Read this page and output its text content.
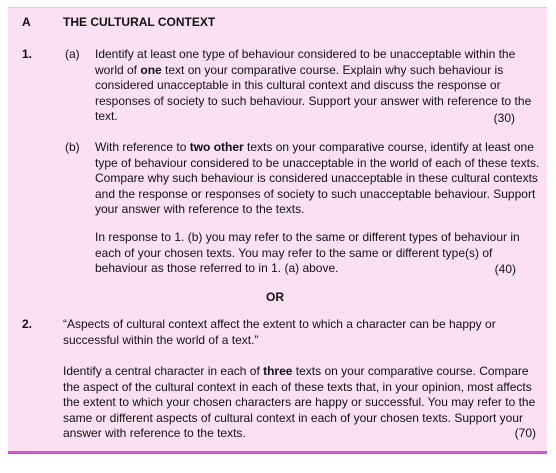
A	THE CULTURAL CONTEXT
1.	(a) Identify at least one type of behaviour considered to be unacceptable within the world of one text on your comparative course. Explain why such behaviour is considered unacceptable in this cultural context and discuss the response or responses of society to such behaviour. Support your answer with reference to the text.	(30)
(b) With reference to two other texts on your comparative course, identify at least one type of behaviour considered to be unacceptable in the world of each of these texts. Compare why such behaviour is considered unacceptable in these cultural contexts and the response or responses of society to such unacceptable behaviour. Support your answer with reference to the texts.

In response to 1. (b) you may refer to the same or different types of behaviour in each of your chosen texts. You may refer to the same or different type(s) of behaviour as those referred to in 1. (a) above.	(40)
OR
2.	“Aspects of cultural context affect the extent to which a character can be happy or successful within the world of a text.”

Identify a central character in each of three texts on your comparative course. Compare the aspect of the cultural context in each of these texts that, in your opinion, most affects the extent to which your chosen characters are happy or successful. You may refer to the same or different aspects of cultural context in each of your chosen texts. Support your answer with reference to the texts.	(70)
